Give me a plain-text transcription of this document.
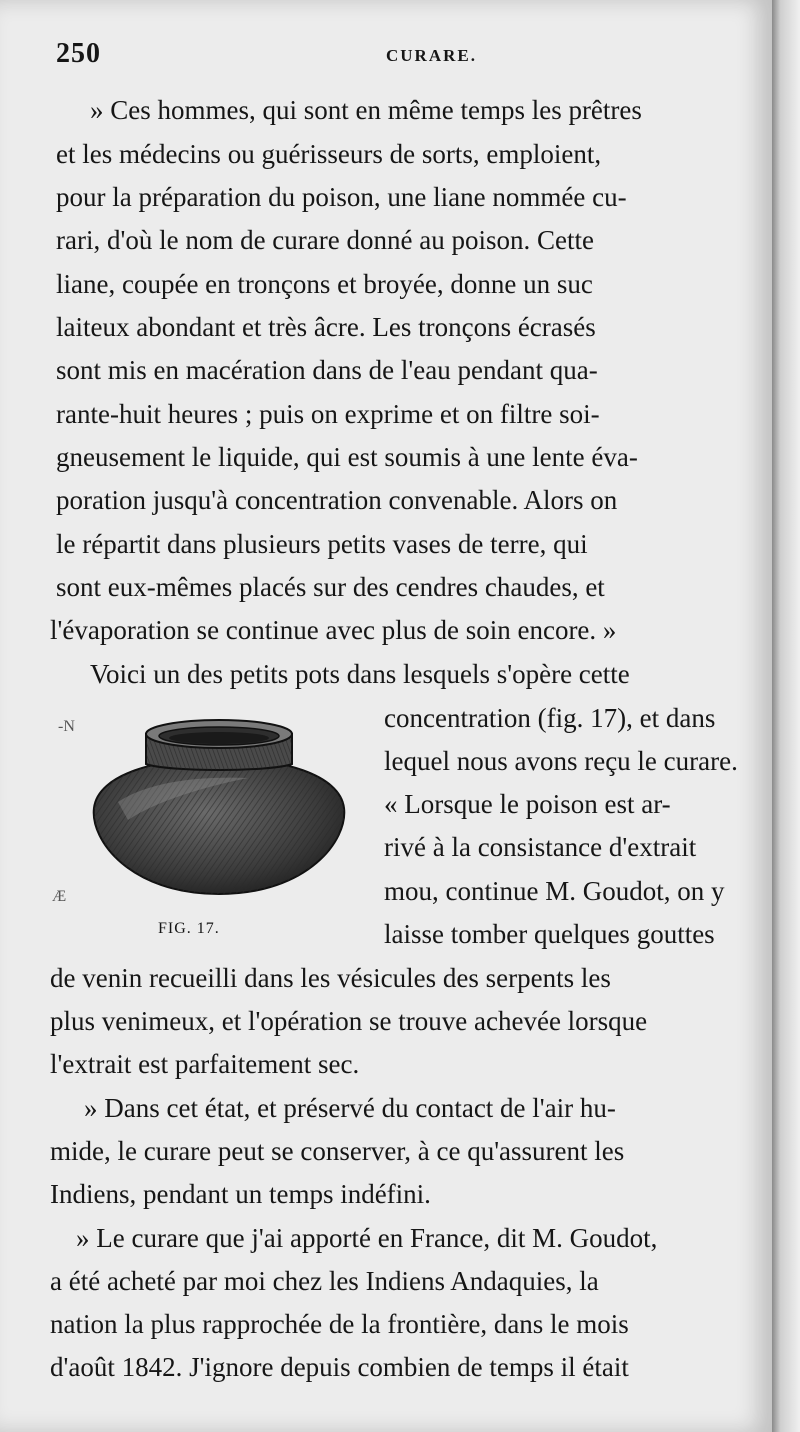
250	CURARE.
» Ces hommes, qui sont en même temps les prêtres
et les médecins ou guérisseurs de sorts, emploient,
pour la préparation du poison, une liane nommée cu-
rari, d'où le nom de curare donné au poison. Cette
liane, coupée en tronçons et broyée, donne un suc
laiteux abondant et très âcre. Les tronçons écrasés
sont mis en macération dans de l'eau pendant qua-
rante-huit heures ; puis on exprime et on filtre soi-
gneusement le liquide, qui est soumis à une lente éva-
poration jusqu'à concentration convenable. Alors on
le répartit dans plusieurs petits vases de terre, qui
sont eux-mêmes placés sur des cendres chaudes, et
l'évaporation se continue avec plus de soin encore. »
Voici un des petits pots dans lesquels s'opère cette
concentration (fig. 17), et dans
lequel nous avons reçu le curare.
« Lorsque le poison est ar-
rivé à la consistance d'extrait
mou, continue M. Goudot, on y
laisse tomber quelques gouttes
de venin recueilli dans les vésicules des serpents les
plus venimeux, et l'opération se trouve achevée lorsque
l'extrait est parfaitement sec.
» Dans cet état, et préservé du contact de l'air hu-
mide, le curare peut se conserver, à ce qu'assurent les
Indiens, pendant un temps indéfini.
» Le curare que j'ai apporté en France, dit M. Goudot,
a été acheté par moi chez les Indiens Andaquies, la
nation la plus rapprochée de la frontière, dans le mois
d'août 1842. J'ignore depuis combien de temps il était
-N
Æ
FIG. 17.
